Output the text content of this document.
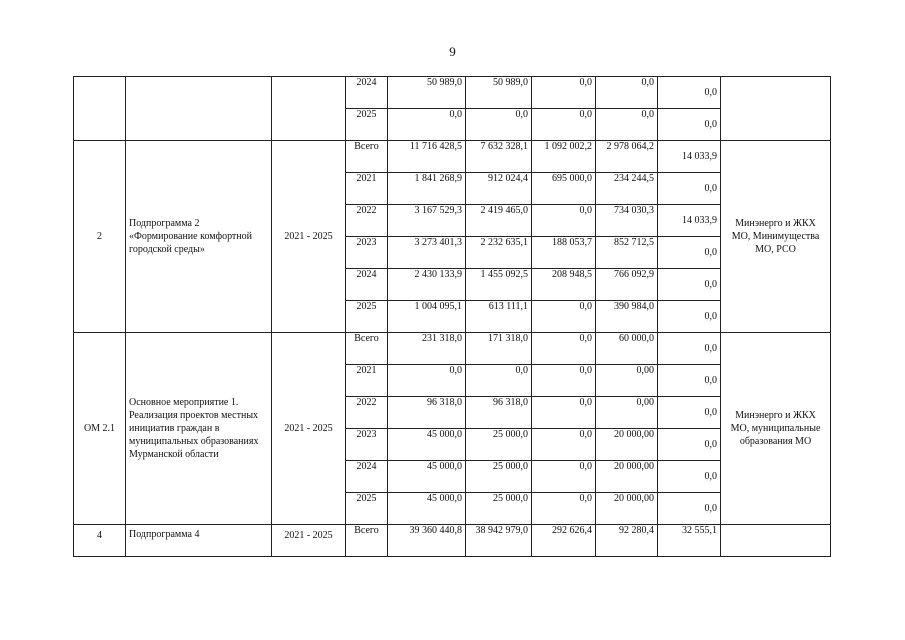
9
			2024	50 989,0	50 989,0	0,0	0,0	0,0	
			2025	0,0	0,0	0,0	0,0	0,0	
2	Подпрограмма 2
«Формирование комфортной
городской среды»	2021 - 2025	Всего	11 716 428,5	7 632 328,1	1 092 002,2	2 978 064,2	14 033,9	Минэнерго и ЖКХ
МО, Минимущества
МО, РСО

			2021	1 841 268,9	912 024,4	695 000,0	234 244,5	0,0	
			2022	3 167 529,3	2 419 465,0	0,0	734 030,3	14 033,9	
			2023	3 273 401,3	2 232 635,1	188 053,7	852 712,5	0,0	
			2024	2 430 133,9	1 455 092,5	208 948,5	766 092,9	0,0	
			2025	1 004 095,1	613 111,1	0,0	390 984,0	0,0	
ОМ 2.1	Основное мероприятие 1.
Реализация проектов местных
инициатив граждан в
муниципальных образованиях
Мурманской области	2021 - 2025	Всего	231 318,0	171 318,0	0,0	60 000,0	0,0	Минэнерго и ЖКХ
МО, муниципальные
образования МО

			2021	0,0	0,0	0,0	0,00	0,0	
			2022	96 318,0	96 318,0	0,0	0,00	0,0	
			2023	45 000,0	25 000,0	0,0	20 000,00	0,0	
			2024	45 000,0	25 000,0	0,0	20 000,00	0,0	
			2025	45 000,0	25 000,0	0,0	20 000,00	0,0	
4	Подпрограмма 4	2021 - 2025	Всего	39 360 440,8	38 942 979,0	292 626,4	92 280,4	32 555,1	
